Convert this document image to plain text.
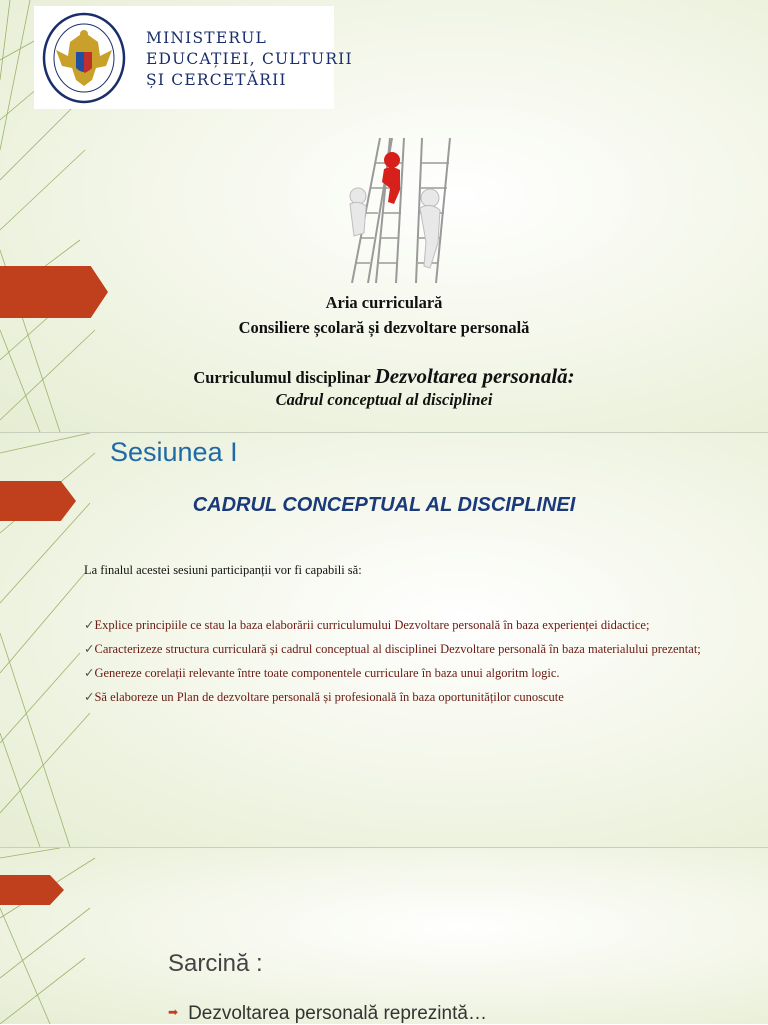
MINISTERUL
EDUCAȚIEI, CULTURII
ȘI CERCETĂRII
Aria curriculară
Consiliere școlară și dezvoltare personală
Curriculumul disciplinar Dezvoltarea personală:
Cadrul conceptual al disciplinei
Sesiunea I
CADRUL CONCEPTUAL AL DISCIPLINEI
La finalul acestei sesiuni participanții vor fi capabili să:
✓Explice principiile ce stau la baza elaborării curriculumului Dezvoltare personală în baza experienței didactice;
✓Caracterizeze structura curriculară și cadrul conceptual al disciplinei Dezvoltare personală în baza materialului prezentat;
✓Genereze corelații relevante între toate componentele curriculare în baza unui algoritm logic.
✓Să elaboreze un Plan de dezvoltare personală și profesională în baza oportunităților cunoscute
Sarcină :
➡ Dezvoltarea personală reprezintă…
